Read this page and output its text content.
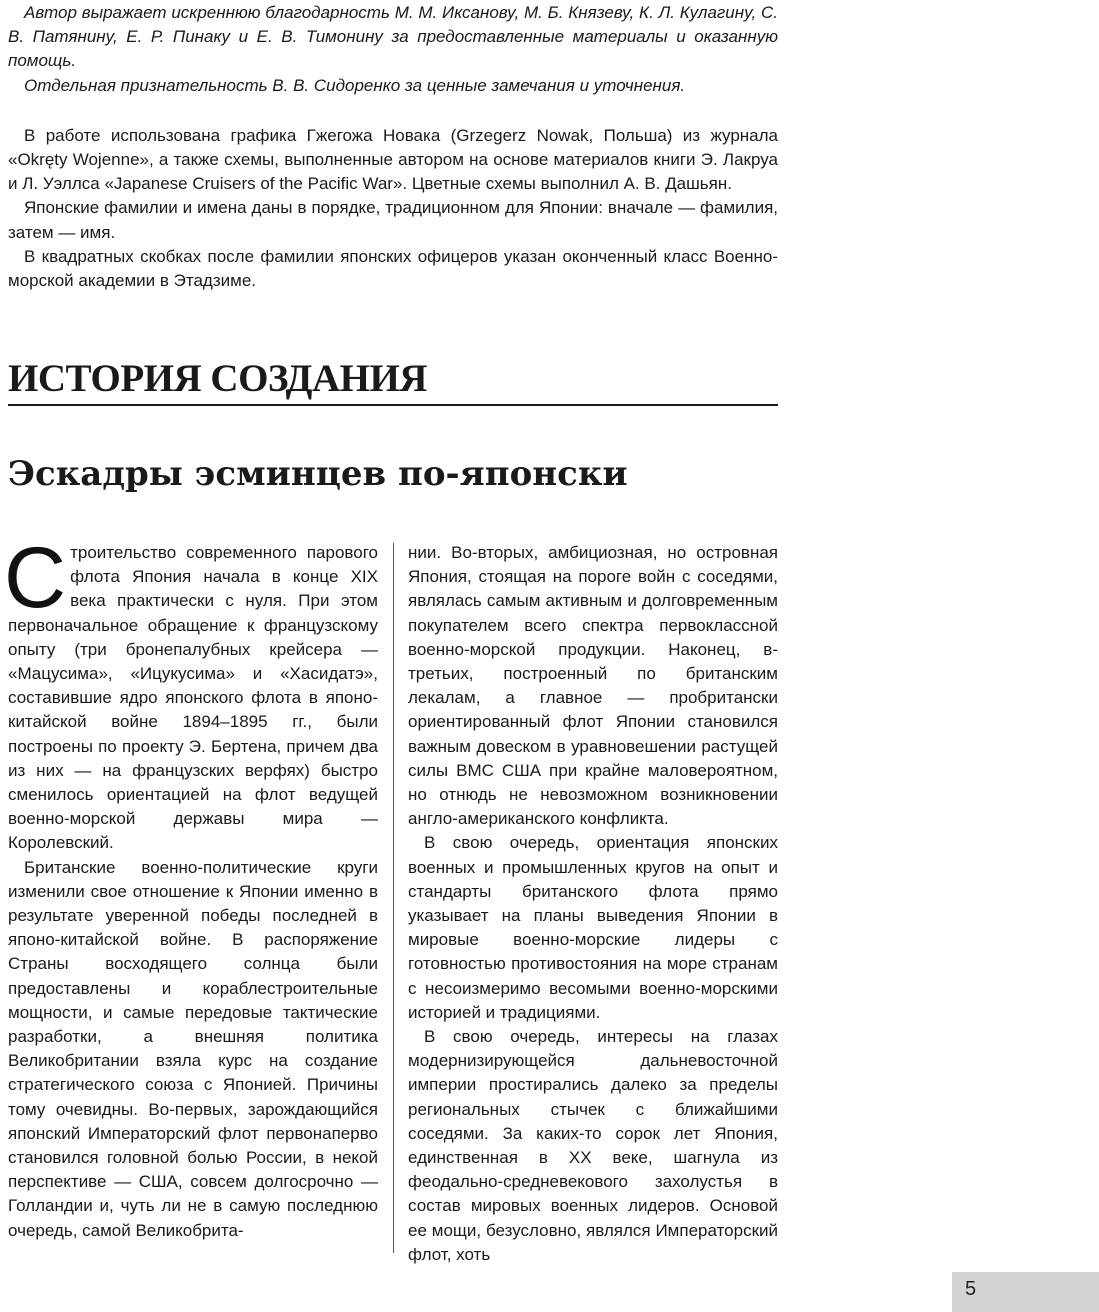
Автор выражает искреннюю благодарность М. М. Иксанову, М. Б. Князеву, К. Л. Кулагину, С. В. Патянину, Е. Р. Пинаку и Е. В. Тимонину за предоставленные материалы и оказанную помощь.

Отдельная признательность В. В. Сидоренко за ценные замечания и уточнения.

В работе использована графика Гжегожа Новака (Grzegerz Nowak, Польша) из журнала «Okręty Wojenne», а также схемы, выполненные автором на основе материалов книги Э. Лакруа и Л. Уэллса «Japanese Cruisers of the Pacific War». Цветные схемы выполнил А. В. Дашьян.

Японские фамилии и имена даны в порядке, традиционном для Японии: вначале — фамилия, затем — имя.

В квадратных скобках после фамилии японских офицеров указан оконченный класс Военно-морской академии в Этадзиме.

ИСТОРИЯ СОЗДАНИЯ
Эскадры эсминцев по-японски

Строительство современного парового флота Япония начала в конце XIX века практически с нуля. При этом первоначальное обращение к французскому опыту (три бронепалубных крейсера — «Мацусима», «Ицукусима» и «Хасидатэ», составившие ядро японского флота в японо-китайской войне 1894–1895 гг., были построены по проекту Э. Бертена, причем два из них — на французских верфях) быстро сменилось ориентацией на флот ведущей военно-морской державы мира — Королевский.

Британские военно-политические круги изменили свое отношение к Японии именно в результате уверенной победы последней в японо-китайской войне. В распоряжение Страны восходящего солнца были предоставлены и кораблестроительные мощности, и самые передовые тактические разработки, а внешняя политика Великобритании взяла курс на создание стратегического союза с Японией. Причины тому очевидны. Во-первых, зарождающийся японский Императорский флот первонаперво становился головной болью России, в некой перспективе — США, совсем долгосрочно — Голландии и, чуть ли не в самую последнюю очередь, самой Великобрита-

нии. Во-вторых, амбициозная, но островная Япония, стоящая на пороге войн с соседями, являлась самым активным и долговременным покупателем всего спектра первоклассной военно-морской продукции. Наконец, в-третьих, построенный по британским лекалам, а главное — пробритански ориентированный флот Японии становился важным довеском в уравновешении растущей силы ВМС США при крайне маловероятном, но отнюдь не невозможном возникновении англо-американского конфликта.

В свою очередь, ориентация японских военных и промышленных кругов на опыт и стандарты британского флота прямо указывает на планы выведения Японии в мировые военно-морские лидеры с готовностью противостояния на море странам с несоизмеримо весомыми военно-морскими историей и традициями.

В свою очередь, интересы на глазах модернизирующейся дальневосточной империи простирались далеко за пределы региональных стычек с ближайшими соседями. За каких-то сорок лет Япония, единственная в XX веке, шагнула из феодально-средневекового захолустья в состав мировых военных лидеров. Основой ее мощи, безусловно, являлся Императорский флот, хоть

5
